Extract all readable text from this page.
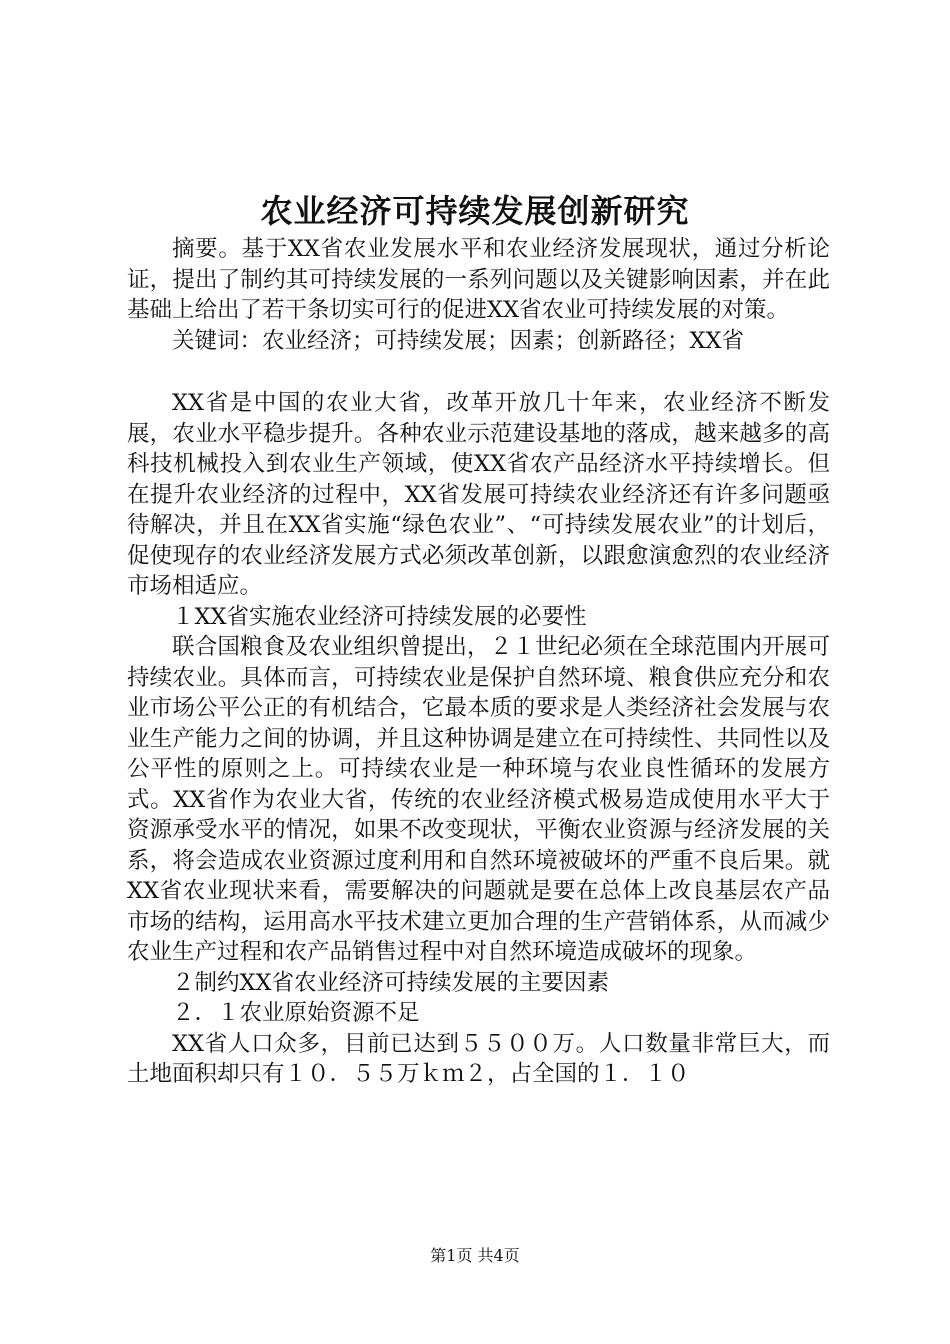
农业经济可持续发展创新研究

摘要。基于XX省农业发展水平和农业经济发展现状，通过分析论证，提出了制约其可持续发展的一系列问题以及关键影响因素，并在此基础上给出了若干条切实可行的促进XX省农业可持续发展的对策。

关键词：农业经济；可持续发展；因素；创新路径；XX省

XX省是中国的农业大省，改革开放几十年来，农业经济不断发展，农业水平稳步提升。各种农业示范建设基地的落成，越来越多的高科技机械投入到农业生产领域，使XX省农产品经济水平持续增长。但在提升农业经济的过程中，XX省发展可持续农业经济还有许多问题亟待解决，并且在XX省实施“绿色农业”、“可持续发展农业”的计划后，促使现存的农业经济发展方式必须改革创新，以跟愈演愈烈的农业经济市场相适应。

１XX省实施农业经济可持续发展的必要性

联合国粮食及农业组织曾提出，２１世纪必须在全球范围内开展可持续农业。具体而言，可持续农业是保护自然环境、粮食供应充分和农业市场公平公正的有机结合，它最本质的要求是人类经济社会发展与农业生产能力之间的协调，并且这种协调是建立在可持续性、共同性以及公平性的原则之上。可持续农业是一种环境与农业良性循环的发展方式。XX省作为农业大省，传统的农业经济模式极易造成使用水平大于资源承受水平的情况，如果不改变现状，平衡农业资源与经济发展的关系，将会造成农业资源过度利用和自然环境被破坏的严重不良后果。就XX省农业现状来看，需要解决的问题就是要在总体上改良基层农产品市场的结构，运用高水平技术建立更加合理的生产营销体系，从而减少农业生产过程和农产品销售过程中对自然环境造成破坏的现象。

２制约XX省农业经济可持续发展的主要因素

２．１农业原始资源不足

XX省人口众多，目前已达到５５００万。人口数量非常巨大，而土地面积却只有１０．５５万ｋｍ２，占全国的１．１０

第1页 共4页
